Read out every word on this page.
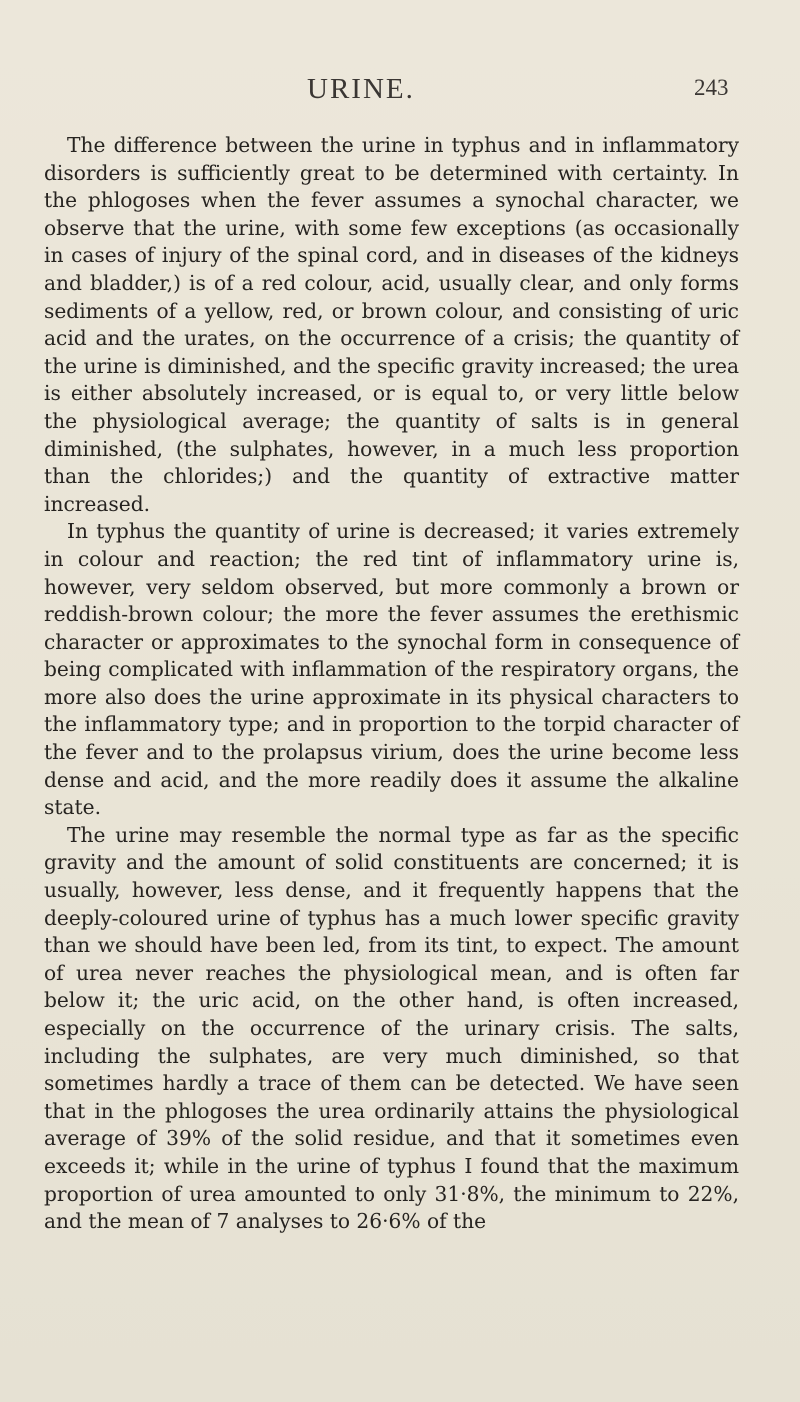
URINE.	243

The difference between the urine in typhus and in inflammatory disorders is sufficiently great to be determined with certainty. In the phlogoses when the fever assumes a synochal character, we observe that the urine, with some few exceptions (as occasionally in cases of injury of the spinal cord, and in diseases of the kidneys and bladder,) is of a red colour, acid, usually clear, and only forms sediments of a yellow, red, or brown colour, and consisting of uric acid and the urates, on the occurrence of a crisis; the quantity of the urine is diminished, and the specific gravity increased; the urea is either absolutely increased, or is equal to, or very little below the physiological average; the quantity of salts is in general diminished, (the sulphates, however, in a much less proportion than the chlorides;) and the quantity of extractive matter increased.

In typhus the quantity of urine is decreased; it varies extremely in colour and reaction; the red tint of inflammatory urine is, however, very seldom observed, but more commonly a brown or reddish-brown colour; the more the fever assumes the erethismic character or approximates to the synochal form in consequence of being complicated with inflammation of the respiratory organs, the more also does the urine approximate in its physical characters to the inflammatory type; and in proportion to the torpid character of the fever and to the prolapsus virium, does the urine become less dense and acid, and the more readily does it assume the alkaline state.

The urine may resemble the normal type as far as the specific gravity and the amount of solid constituents are concerned; it is usually, however, less dense, and it frequently happens that the deeply-coloured urine of typhus has a much lower specific gravity than we should have been led, from its tint, to expect. The amount of urea never reaches the physiological mean, and is often far below it; the uric acid, on the other hand, is often increased, especially on the occurrence of the urinary crisis. The salts, including the sulphates, are very much diminished, so that sometimes hardly a trace of them can be detected. We have seen that in the phlogoses the urea ordinarily attains the physiological average of 39% of the solid residue, and that it sometimes even exceeds it; while in the urine of typhus I found that the maximum proportion of urea amounted to only 31·8%, the minimum to 22%, and the mean of 7 analyses to 26·6% of the
